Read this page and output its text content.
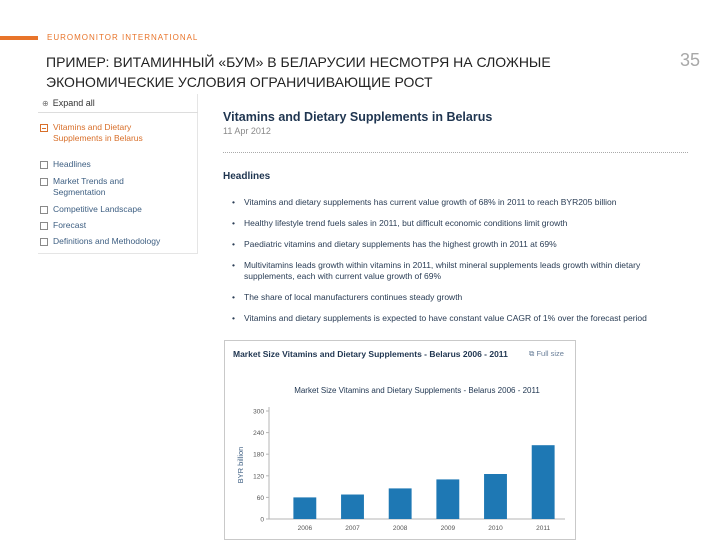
EUROMONITOR INTERNATIONAL
ПРИМЕР: ВИТАМИННЫЙ «БУМ» В БЕЛАРУСИИ НЕСМОТРЯ НА СЛОЖНЫЕ ЭКОНОМИЧЕСКИЕ УСЛОВИЯ ОГРАНИЧИВАЮЩИЕ РОСТ
35
⊕ Expand all
Vitamins and Dietary Supplements in Belarus
Headlines
Market Trends and Segmentation
Competitive Landscape
Forecast
Definitions and Methodology
Vitamins and Dietary Supplements in Belarus
11 Apr 2012
Headlines
• Vitamins and dietary supplements has current value growth of 68% in 2011 to reach BYR205 billion
• Healthy lifestyle trend fuels sales in 2011, but difficult economic conditions limit growth
• Paediatric vitamins and dietary supplements has the highest growth in 2011 at 69%
• Multivitamins leads growth within vitamins in 2011, whilst mineral supplements leads growth within dietary supplements, each with current value growth of 69%
• The share of local manufacturers continues steady growth
• Vitamins and dietary supplements is expected to have constant value CAGR of 1% over the forecast period
Market Size Vitamins and Dietary Supplements - Belarus 2006 - 2011	⧉ Full size
Market Size Vitamins and Dietary Supplements - Belarus 2006 - 2011
BYR billion
0
60
120
180
240
300
2006	2007	2008	2009	2010	2011
